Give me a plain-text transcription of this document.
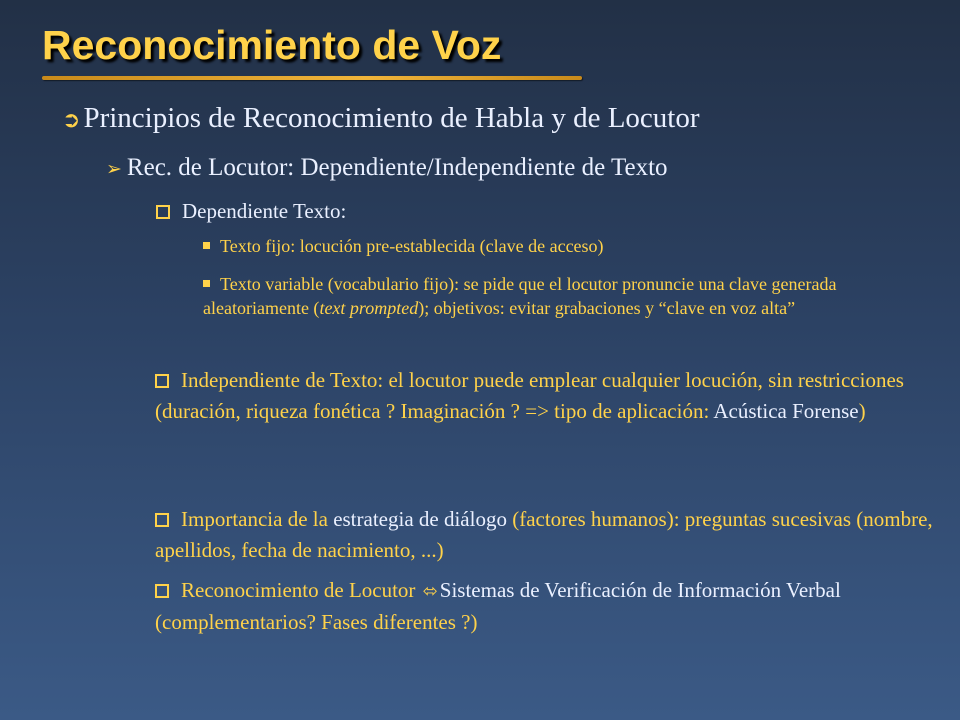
Reconocimiento de Voz

➲ Principios de Reconocimiento de Habla y de Locutor

➢ Rec. de Locutor: Dependiente/Independiente de Texto

Dependiente Texto:

Texto fijo: locución pre-establecida (clave de acceso)

Texto variable (vocabulario fijo): se pide que el locutor pronuncie una clave generada aleatoriamente (text prompted); objetivos: evitar grabaciones y “clave en voz alta”

Independiente de Texto: el locutor puede emplear cualquier locución, sin restricciones (duración, riqueza fonética ? Imaginación ? => tipo de aplicación: Acústica Forense)

Importancia de la estrategia de diálogo (factores humanos): preguntas sucesivas (nombre, apellidos, fecha de nacimiento, ...)

Reconocimiento de Locutor ⬄Sistemas de Verificación de Información Verbal (complementarios? Fases diferentes ?)
